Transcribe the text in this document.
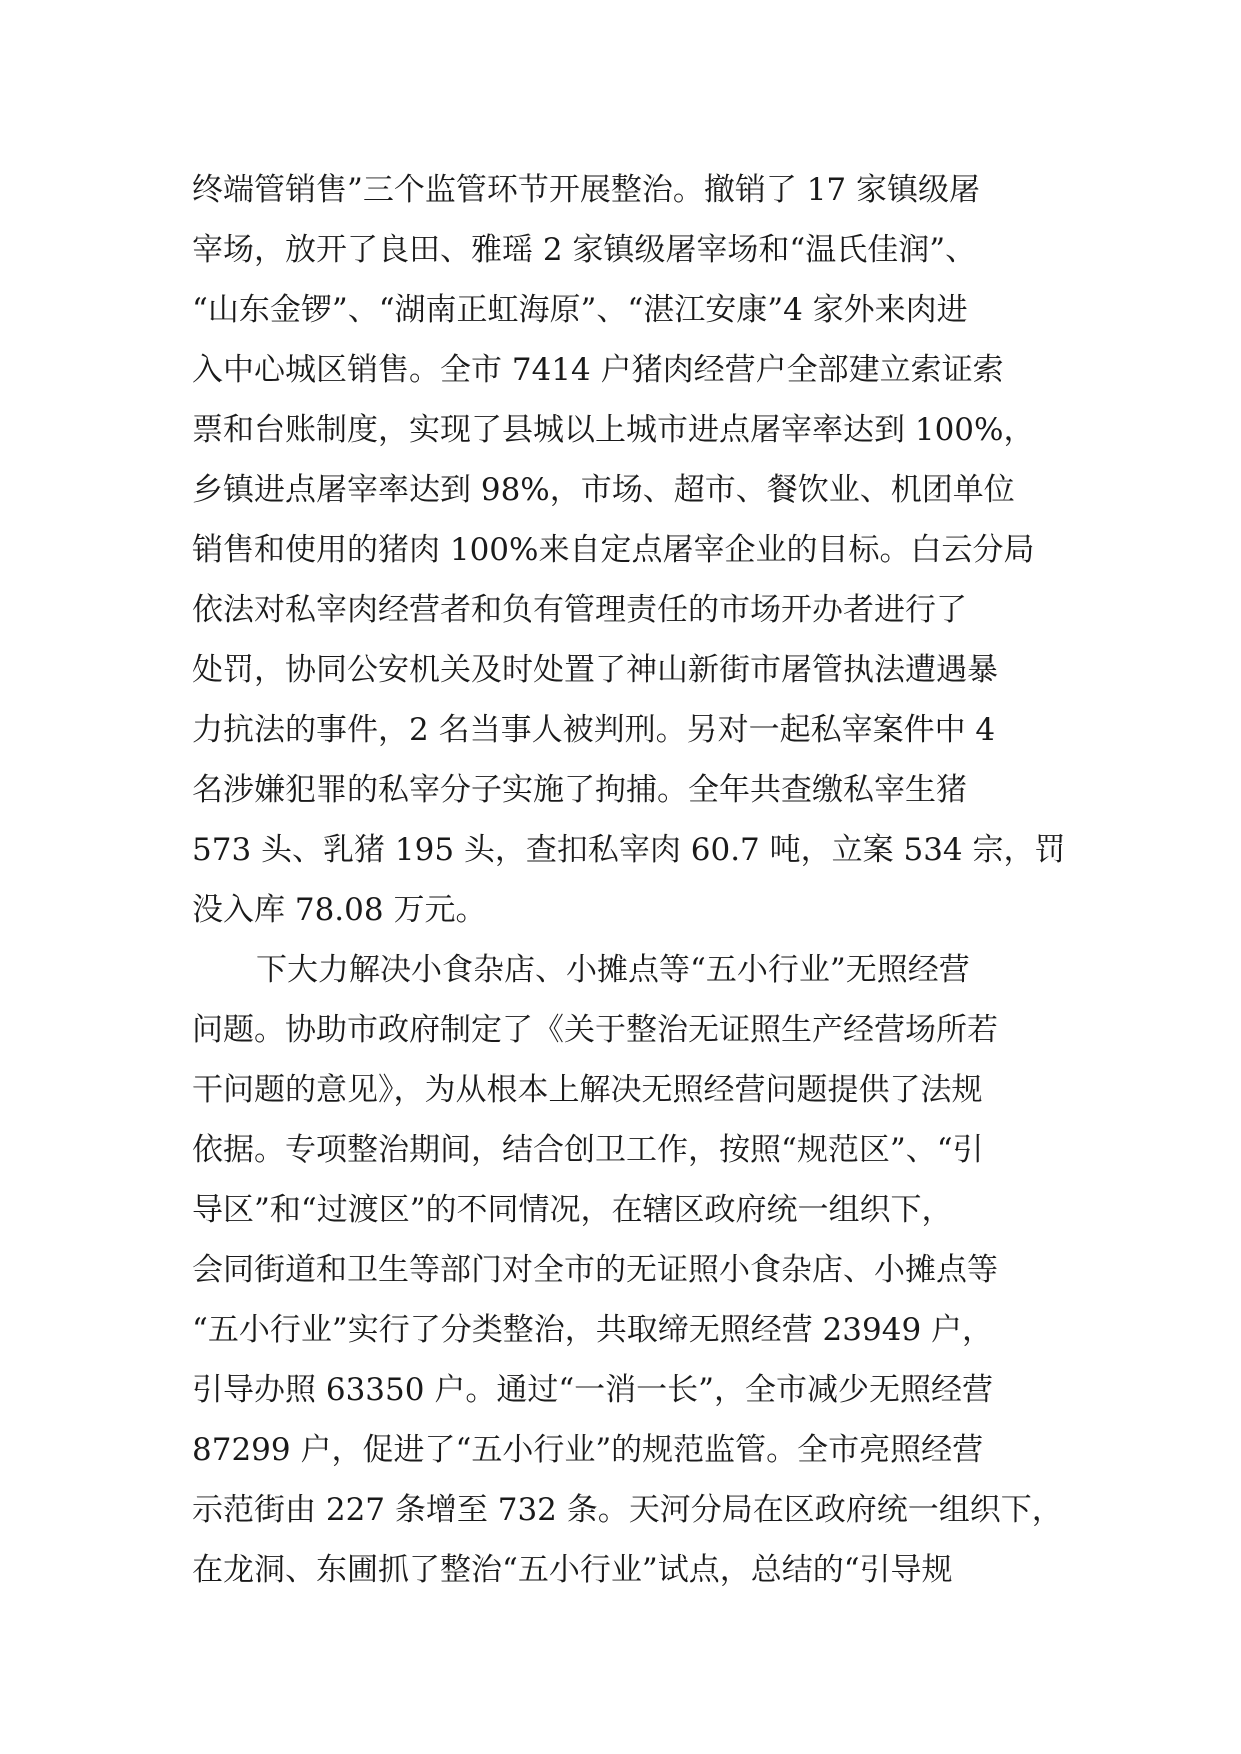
终端管销售”三个监管环节开展整治。撤销了 17 家镇级屠
宰场，放开了良田、雅瑶 2 家镇级屠宰场和“温氏佳润”、
“山东金锣”、“湖南正虹海原”、“湛江安康”4 家外来肉进
入中心城区销售。全市 7414 户猪肉经营户全部建立索证索
票和台账制度，实现了县城以上城市进点屠宰率达到 100%，
乡镇进点屠宰率达到 98%，市场、超市、餐饮业、机团单位
销售和使用的猪肉 100%来自定点屠宰企业的目标。白云分局
依法对私宰肉经营者和负有管理责任的市场开办者进行了
处罚，协同公安机关及时处置了神山新街市屠管执法遭遇暴
力抗法的事件，2 名当事人被判刑。另对一起私宰案件中 4
名涉嫌犯罪的私宰分子实施了拘捕。全年共查缴私宰生猪
573 头、乳猪 195 头，查扣私宰肉 60.7 吨，立案 534 宗，罚
没入库 78.08 万元。
下大力解决小食杂店、小摊点等“五小行业”无照经营
问题。协助市政府制定了《关于整治无证照生产经营场所若
干问题的意见》，为从根本上解决无照经营问题提供了法规
依据。专项整治期间，结合创卫工作，按照“规范区”、“引
导区”和“过渡区”的不同情况，在辖区政府统一组织下，
会同街道和卫生等部门对全市的无证照小食杂店、小摊点等
“五小行业”实行了分类整治，共取缔无照经营 23949 户，
引导办照 63350 户。通过“一消一长”，全市减少无照经营
87299 户，促进了“五小行业”的规范监管。全市亮照经营
示范街由 227 条增至 732 条。天河分局在区政府统一组织下，
在龙洞、东圃抓了整治“五小行业”试点，总结的“引导规
